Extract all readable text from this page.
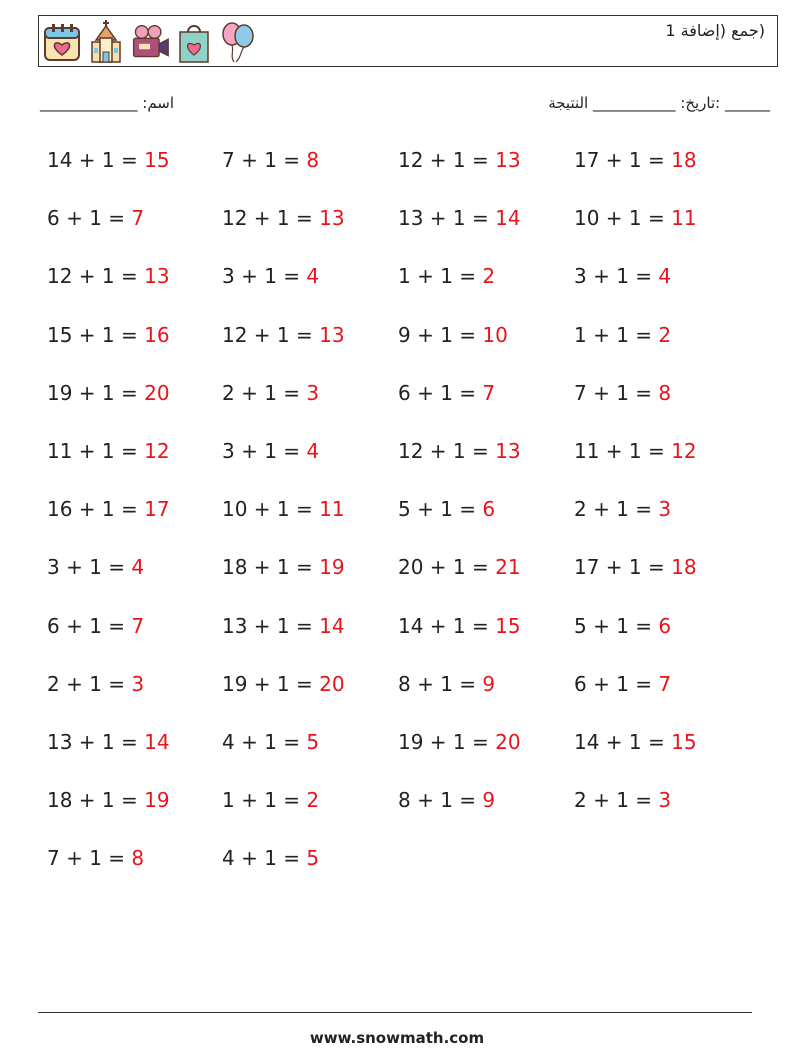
(جمع (إضافة 1
______ :تاريخ: ___________ النتيجة
اسم: _____________
14 + 1 = 15
6 + 1 = 7
12 + 1 = 13
15 + 1 = 16
19 + 1 = 20
11 + 1 = 12
16 + 1 = 17
3 + 1 = 4
6 + 1 = 7
2 + 1 = 3
13 + 1 = 14
18 + 1 = 19
7 + 1 = 8
7 + 1 = 8
12 + 1 = 13
3 + 1 = 4
12 + 1 = 13
2 + 1 = 3
3 + 1 = 4
10 + 1 = 11
18 + 1 = 19
13 + 1 = 14
19 + 1 = 20
4 + 1 = 5
1 + 1 = 2
4 + 1 = 5
12 + 1 = 13
13 + 1 = 14
1 + 1 = 2
9 + 1 = 10
6 + 1 = 7
12 + 1 = 13
5 + 1 = 6
20 + 1 = 21
14 + 1 = 15
8 + 1 = 9
19 + 1 = 20
8 + 1 = 9
17 + 1 = 18
10 + 1 = 11
3 + 1 = 4
1 + 1 = 2
7 + 1 = 8
11 + 1 = 12
2 + 1 = 3
17 + 1 = 18
5 + 1 = 6
6 + 1 = 7
14 + 1 = 15
2 + 1 = 3
www.snowmath.com
